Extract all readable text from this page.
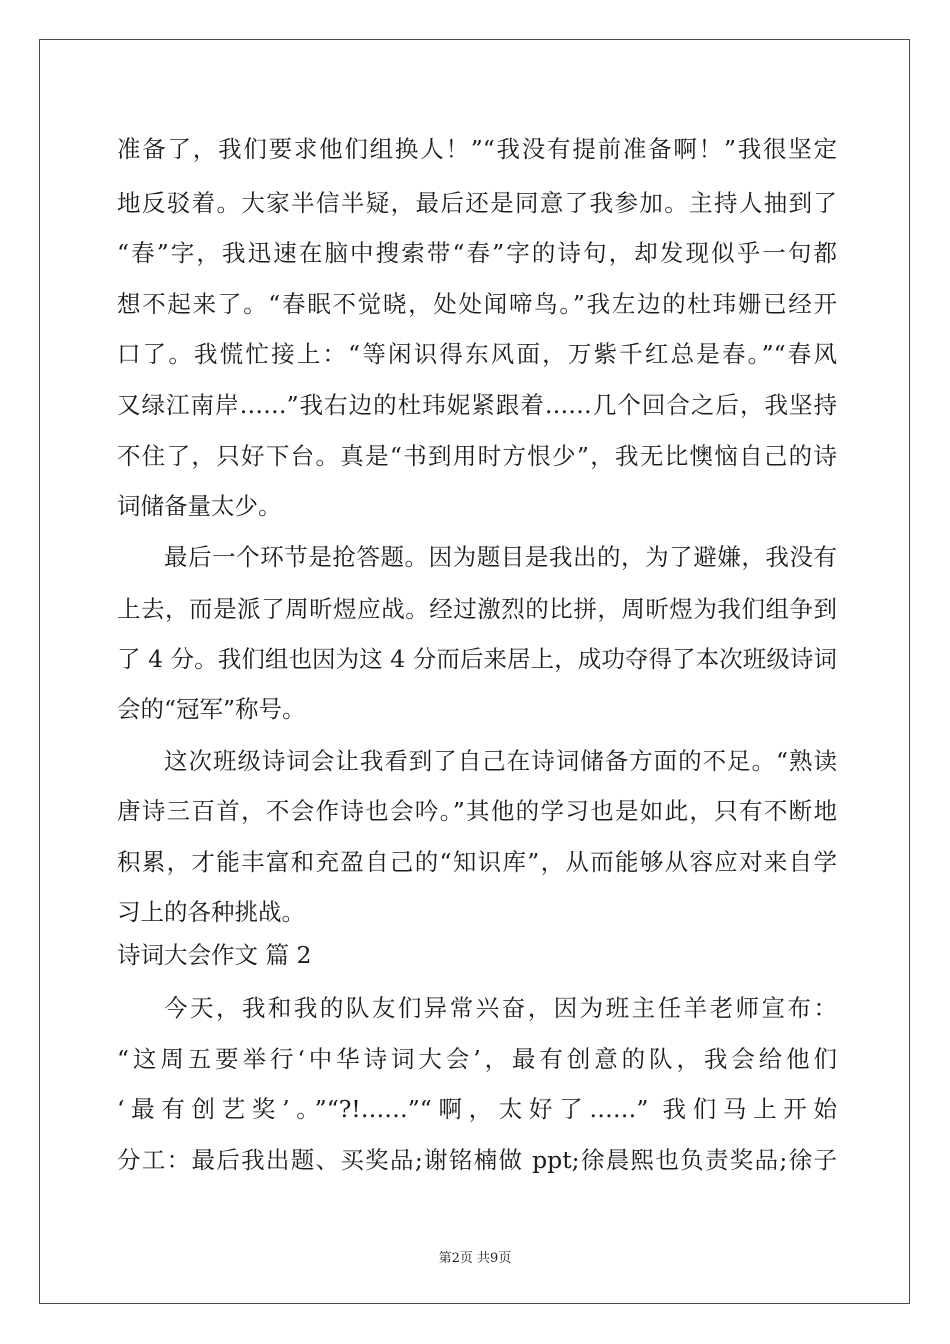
准备了，我们要求他们组换人！”“我没有提前准备啊！”我很坚定
地反驳着。大家半信半疑，最后还是同意了我参加。主持人抽到了
“春”字，我迅速在脑中搜索带“春”字的诗句，却发现似乎一句都
想不起来了。“春眠不觉晓，处处闻啼鸟。”我左边的杜玮姗已经开
口了。我慌忙接上：“等闲识得东风面，万紫千红总是春。”“春风
又绿江南岸……”我右边的杜玮妮紧跟着……几个回合之后，我坚持
不住了，只好下台。真是“书到用时方恨少”，我无比懊恼自己的诗
词储备量太少。
最后一个环节是抢答题。因为题目是我出的，为了避嫌，我没有
上去，而是派了周昕煜应战。经过激烈的比拼，周昕煜为我们组争到
了 4 分。我们组也因为这 4 分而后来居上，成功夺得了本次班级诗词
会的“冠军”称号。
这次班级诗词会让我看到了自己在诗词储备方面的不足。“熟读
唐诗三百首，不会作诗也会吟。”其他的学习也是如此，只有不断地
积累，才能丰富和充盈自己的“知识库”，从而能够从容应对来自学
习上的各种挑战。
诗词大会作文 篇 2
今天，我和我的队友们异常兴奋，因为班主任羊老师宣布：
“这周五要举行‘中华诗词大会’，最有创意的队，我会给他们
‘最有创艺奖’。”“?!……”“啊，太好了……” 我们马上开始
分工：最后我出题、买奖品;谢铭楠做 ppt;徐晨熙也负责奖品;徐子
第2页 共9页
